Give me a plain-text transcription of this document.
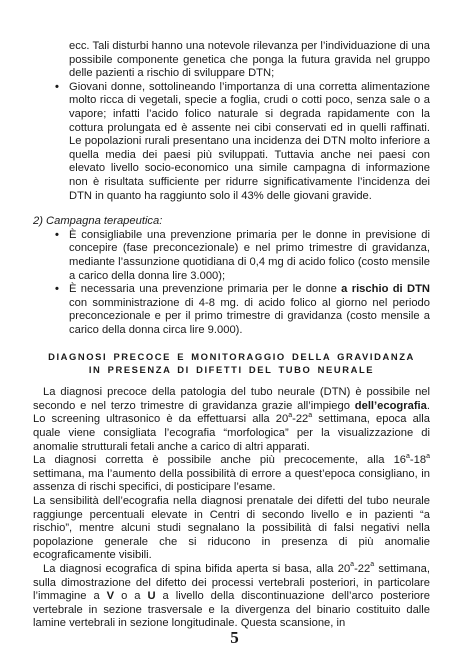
ecc. Tali disturbi hanno una notevole rilevanza per l’individuazione di una possibile componente genetica che ponga la futura gravida nel gruppo delle pazienti a rischio di sviluppare DTN;

• Giovani donne, sottolineando l’importanza di una corretta alimentazione molto ricca di vegetali, specie a foglia, crudi o cotti poco, senza sale o a vapore; infatti l’acido folico naturale si degrada rapidamente con la cottura prolungata ed è assente nei cibi conservati ed in quelli raffinati. Le popolazioni rurali presentano una incidenza dei DTN molto inferiore a quella media dei paesi più sviluppati. Tuttavia anche nei paesi con elevato livello socio-economico una simile campagna di informazione non è risultata sufficiente per ridurre significativamente l’incidenza dei DTN in quanto ha raggiunto solo il 43% delle giovani gravide.

2) Campagna terapeutica:

• È consigliabile una prevenzione primaria per le donne in previsione di concepire (fase preconcezionale) e nel primo trimestre di gravidanza, mediante l’assunzione quotidiana di 0,4 mg di acido folico (costo mensile a carico della donna lire 3.000);
• È necessaria una prevenzione primaria per le donne a rischio di DTN con somministrazione di 4-8 mg. di acido folico al giorno nel periodo preconcezionale e per il primo trimestre di gravidanza (costo mensile a carico della donna circa lire 9.000).
DIAGNOSI PRECOCE E MONITORAGGIO DELLA GRAVIDANZA
IN PRESENZA DI DIFETTI DEL TUBO NEURALE

La diagnosi precoce della patologia del tubo neurale (DTN) è possibile nel secondo e nel terzo trimestre di gravidanza grazie all’impiego dell’ecografia. Lo screening ultrasonico è da effettuarsi alla 20$^a$-22$^a$ settimana, epoca alla quale viene consigliata l’ecografia “morfologica” per la visualizzazione di anomalie strutturali fetali anche a carico di altri apparati.

La diagnosi corretta è possibile anche più precocemente, alla 16$^a$-18$^a$ settimana, ma l’aumento della possibilità di errore a quest’epoca consigliano, in assenza di rischi specifici, di posticipare l’esame.

La sensibilità dell’ecografia nella diagnosi prenatale dei difetti del tubo neurale raggiunge percentuali elevate in Centri di secondo livello e in pazienti “a rischio”, mentre alcuni studi segnalano la possibilità di falsi negativi nella popolazione generale che si riducono in presenza di più anomalie ecograficamente visibili.

La diagnosi ecografica di spina bifida aperta si basa, alla 20$^a$-22$^a$ settimana, sulla dimostrazione del difetto dei processi vertebrali posteriori, in particolare l’immagine a V o a U a livello della discontinuazione dell’arco posteriore vertebrale in sezione trasversale e la divergenza del binario costituito dalle lamine vertebrali in sezione longitudinale. Questa scansione, in

5
